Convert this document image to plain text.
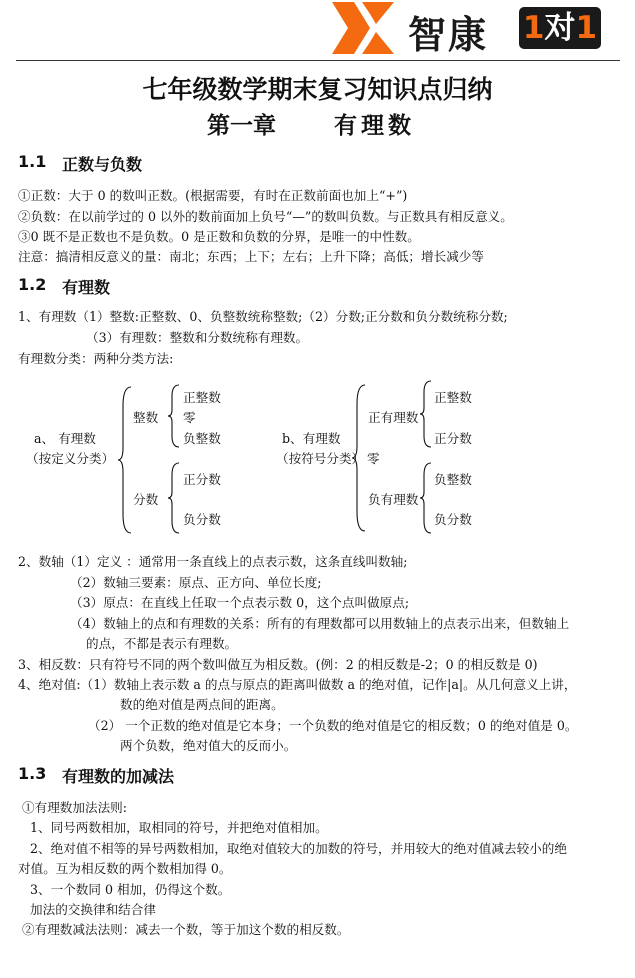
智康 1对1
七年级数学期末复习知识点归纳
第一章	有理数
1.1 正数与负数
①正数：大于 0 的数叫正数。(根据需要，有时在正数前面也加上“+”)
②负数：在以前学过的 0 以外的数前面加上负号“—”的数叫负数。与正数具有相反意义。
③0 既不是正数也不是负数。0 是正数和负数的分界，是唯一的中性数。
注意：搞清相反意义的量：南北；东西；上下；左右；上升下降；高低；增长减少等
1.2 有理数
1、有理数（1）整数:正整数、0、负整数统称整数;（2）分数;正分数和负分数统称分数;
（3）有理数：整数和分数统称有理数。
有理数分类：两种分类方法:
a、 有理数
（按定义分类）
整数
正整数
零
负整数
分数
正分数
负分数
b、有理数
（按符号分类）
正有理数
正整数
正分数
零
负有理数
负整数
负分数
2、数轴（1）定义 ：通常用一条直线上的点表示数，这条直线叫数轴;
（2）数轴三要素：原点、正方向、单位长度;
（3）原点：在直线上任取一个点表示数 0，这个点叫做原点;
（4）数轴上的点和有理数的关系：所有的有理数都可以用数轴上的点表示出来，但数轴上
的点，不都是表示有理数。
3、相反数：只有符号不同的两个数叫做互为相反数。(例：2 的相反数是-2；0 的相反数是 0)
4、绝对值:（1）数轴上表示数 a 的点与原点的距离叫做数 a 的绝对值，记作|a|。从几何意义上讲，
数的绝对值是两点间的距离。
（2） 一个正数的绝对值是它本身；一个负数的绝对值是它的相反数；0 的绝对值是 0。
两个负数，绝对值大的反而小。
1.3 有理数的加减法
①有理数加法法则:
1、同号两数相加，取相同的符号，并把绝对值相加。
2、绝对值不相等的异号两数相加，取绝对值较大的加数的符号，并用较大的绝对值减去较小的绝
对值。互为相反数的两个数相加得 0。
3、一个数同 0 相加，仍得这个数。
加法的交换律和结合律
②有理数减法法则：减去一个数，等于加这个数的相反数。
